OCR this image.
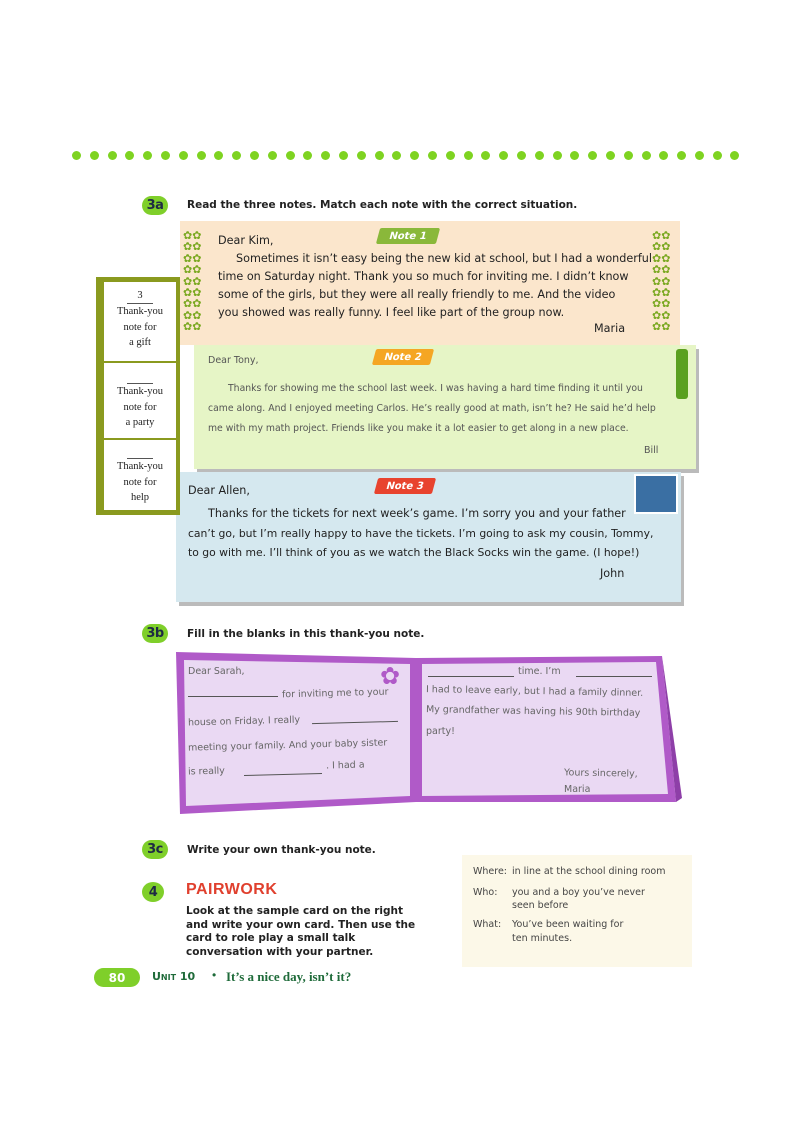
3a	Read the three notes. Match each note with the correct situation.
✿✿
✿✿
✿✿
✿✿
✿✿
✿✿
✿✿
✿✿
✿✿
✿✿
✿✿
✿✿
✿✿
✿✿
✿✿
✿✿
✿✿
✿✿
Note 1
Dear Kim,
Sometimes it isn’t easy being the new kid at school, but I had a wonderful
time on Saturday night. Thank you so much for inviting me. I didn’t know
some of the girls, but they were all really friendly to me. And the video
you showed was really funny. I feel like part of the group now.
Maria
Note 2
Dear Tony,
Thanks for showing me the school last week. I was having a hard time finding it until you
came along. And I enjoyed meeting Carlos. He’s really good at math, isn’t he? He said he’d help
me with my math project. Friends like you make it a lot easier to get along in a new place.
Bill
Note 3
Dear Allen,
Thanks for the tickets for next week’s game. I’m sorry you and your father
can’t go, but I’m really happy to have the tickets. I’m going to ask my cousin, Tommy,
to go with me. I’ll think of you as we watch the Black Socks win the game. (I hope!)
John
3
Thank-you
note for
a gift
Thank-you
note for
a party
Thank-you
note for
help
3b	Fill in the blanks in this thank-you note.
✿
Dear Sarah,
for inviting me to your
house on Friday. I really
meeting your family. And your baby sister
is really	. I had a
time. I’m
I had to leave early, but I had a family dinner.
My grandfather was having his 90th birthday
party!
Yours sincerely,
Maria
3c	Write your own thank-you note.
4	PAIRWORK
Look at the sample card on the right
and write your own card. Then use the
card to role play a small talk
conversation with your partner.
Where: in line at the school dining room
Who: you and a boy you’ve never
seen before
What: You’ve been waiting for
ten minutes.
80	Unit 10 • It’s a nice day, isn’t it?
